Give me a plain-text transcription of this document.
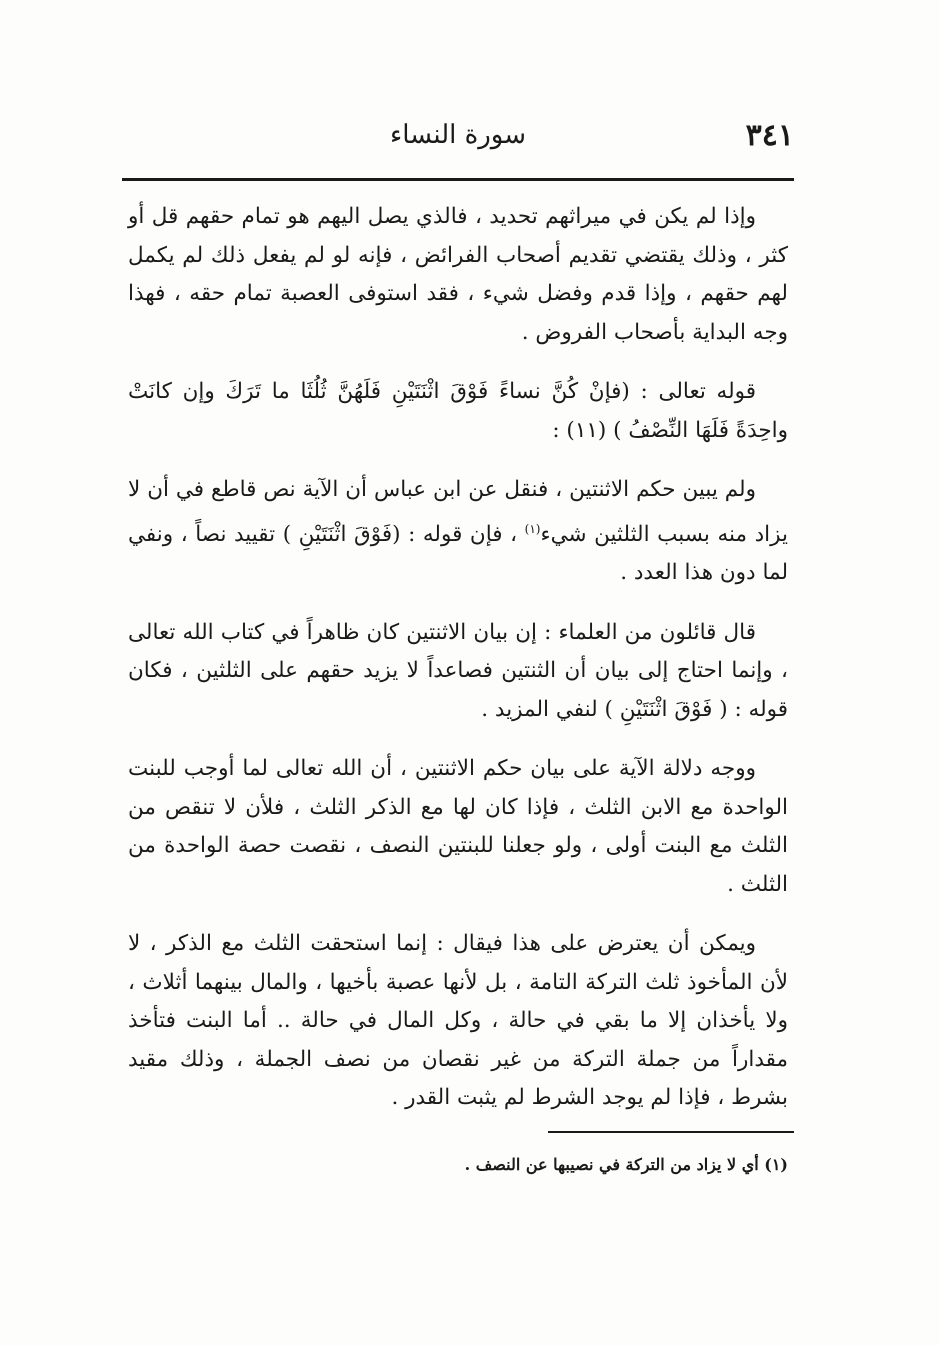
٣٤١
سورة النساء

وإذا لم يكن في ميراثهم تحديد ، فالذي يصل اليهم هو تمام حقهم قل أو كثر ، وذلك يقتضي تقديم أصحاب الفرائض ، فإنه لو لم يفعل ذلك لم يكمل لهم حقهم ، وإذا قدم وفضل شيء ، فقد استوفى العصبة تمام حقه ، فهذا وجه البداية بأصحاب الفروض .

قوله تعالى : (فإنْ كُنَّ نساءً فَوْقَ اثْنَتَيْنِ فَلَهُنَّ ثُلُثَا ما تَرَكَ وإن كانَتْ واحِدَةً فَلَهَا النِّصْفُ ) (١١) :

ولم يبين حكم الاثنتين ، فنقل عن ابن عباس أن الآية نص قاطع في أن لا يزاد منه بسبب الثلثين شيء$^{(١)}$ ، فإن قوله : (فَوْقَ اثْنَتَيْنِ ) تقييد نصاً ، ونفي لما دون هذا العدد .

قال قائلون من العلماء : إن بيان الاثنتين كان ظاهراً في كتاب الله تعالى ، وإنما احتاج إلى بيان أن الثنتين فصاعداً لا يزيد حقهم على الثلثين ، فكان قوله : ( فَوْقَ اثْنَتَيْنِ ) لنفي المزيد .

ووجه دلالة الآية على بيان حكم الاثنتين ، أن الله تعالى لما أوجب للبنت الواحدة مع الابن الثلث ، فإذا كان لها مع الذكر الثلث ، فلأن لا تنقص من الثلث مع البنت أولى ، ولو جعلنا للبنتين النصف ، نقصت حصة الواحدة من الثلث .

ويمكن أن يعترض على هذا فيقال : إنما استحقت الثلث مع الذكر ، لا لأن المأخوذ ثلث التركة التامة ، بل لأنها عصبة بأخيها ، والمال بينهما أثلاث ، ولا يأخذان إلا ما بقي في حالة ، وكل المال في حالة .. أما البنت فتأخذ مقداراً من جملة التركة من غير نقصان من نصف الجملة ، وذلك مقيد بشرط ، فإذا لم يوجد الشرط لم يثبت القدر .

(١) أي لا يزاد من التركة في نصيبها عن النصف .
